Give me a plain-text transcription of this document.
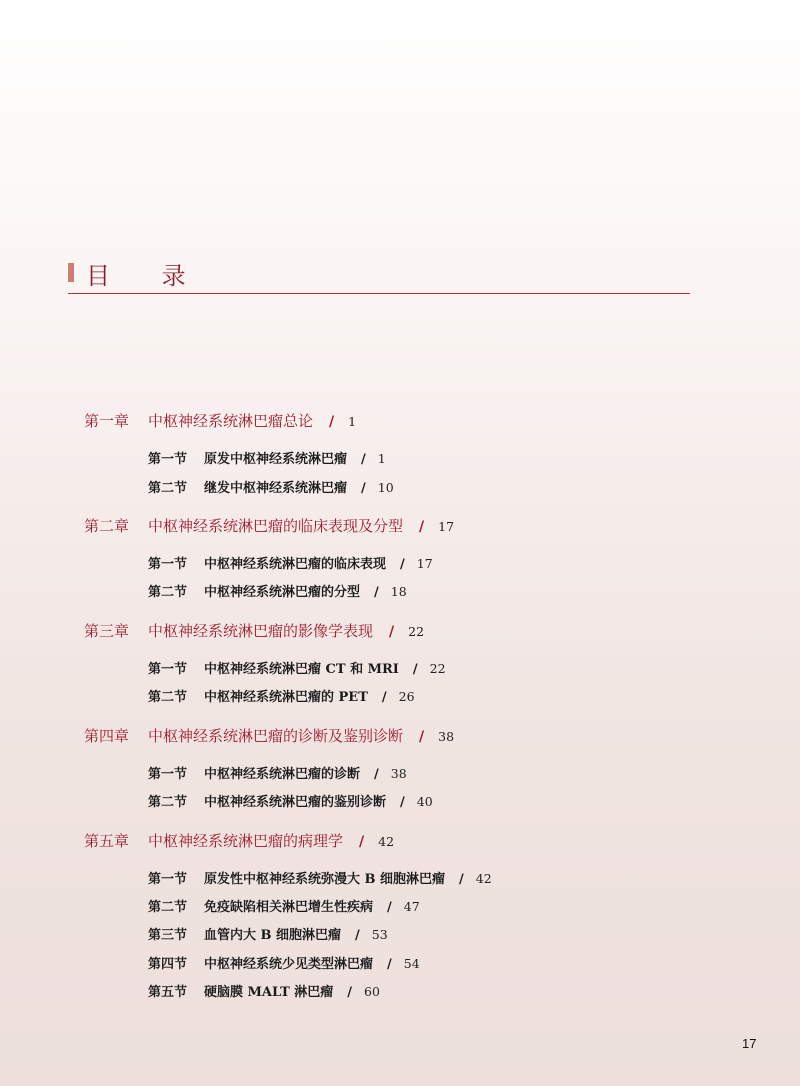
目 录
第一章 中枢神经系统淋巴瘤总论 / 1
第一节 原发中枢神经系统淋巴瘤 / 1
第二节 继发中枢神经系统淋巴瘤 / 10
第二章 中枢神经系统淋巴瘤的临床表现及分型 / 17
第一节 中枢神经系统淋巴瘤的临床表现 / 17
第二节 中枢神经系统淋巴瘤的分型 / 18
第三章 中枢神经系统淋巴瘤的影像学表现 / 22
第一节 中枢神经系统淋巴瘤 CT 和 MRI / 22
第二节 中枢神经系统淋巴瘤的 PET / 26
第四章 中枢神经系统淋巴瘤的诊断及鉴别诊断 / 38
第一节 中枢神经系统淋巴瘤的诊断 / 38
第二节 中枢神经系统淋巴瘤的鉴别诊断 / 40
第五章 中枢神经系统淋巴瘤的病理学 / 42
第一节 原发性中枢神经系统弥漫大 B 细胞淋巴瘤 / 42
第二节 免疫缺陷相关淋巴增生性疾病 / 47
第三节 血管内大 B 细胞淋巴瘤 / 53
第四节 中枢神经系统少见类型淋巴瘤 / 54
第五节 硬脑膜 MALT 淋巴瘤 / 60
17
